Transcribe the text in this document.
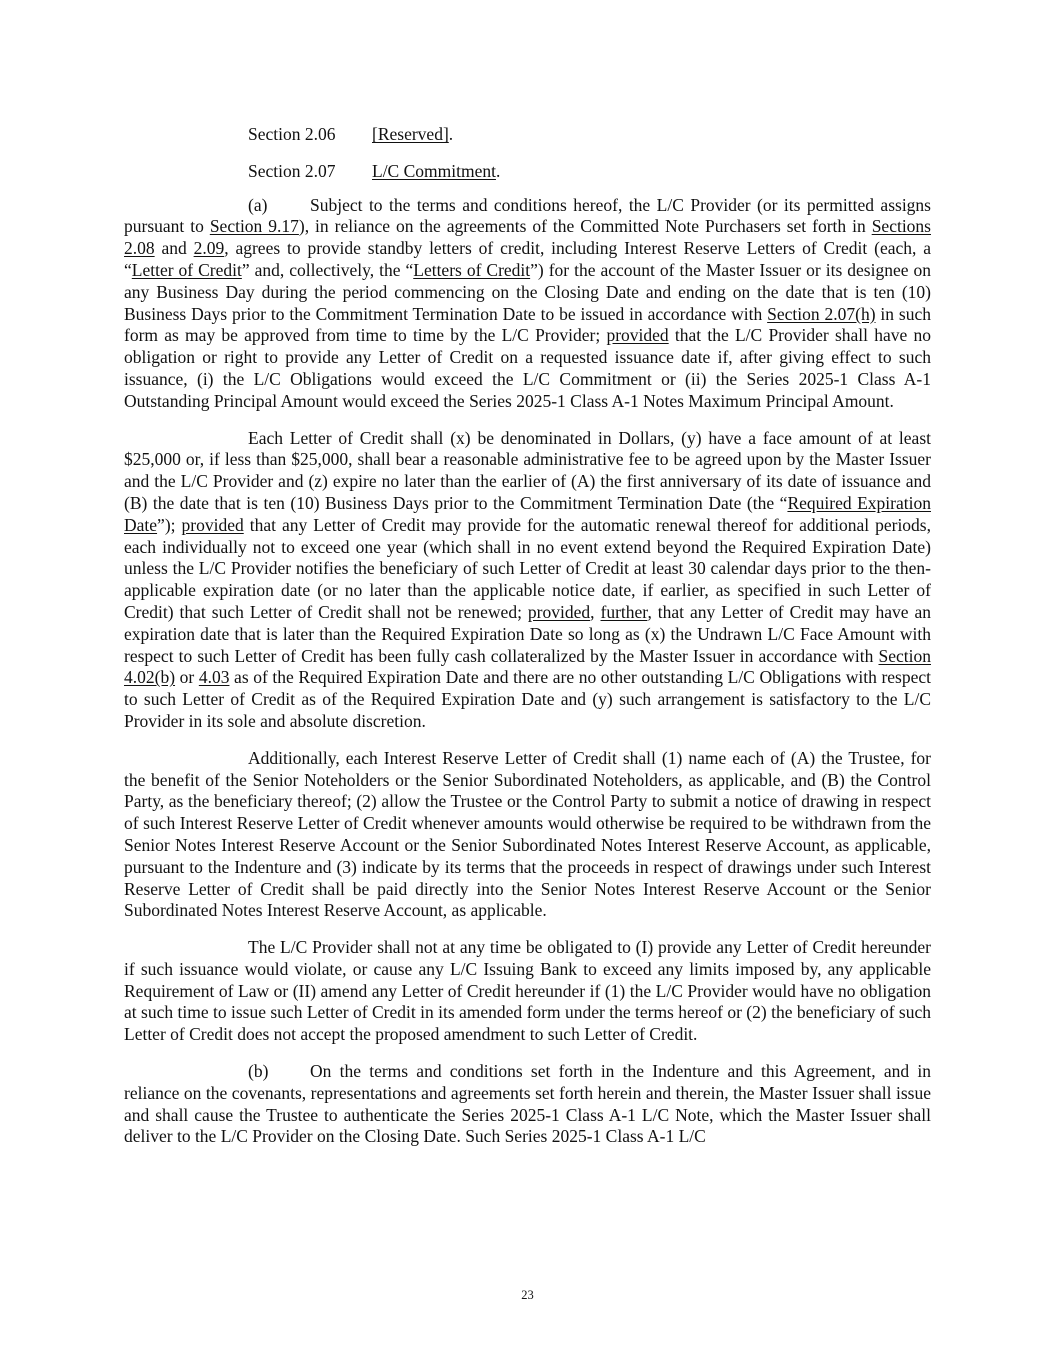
Section 2.06 [Reserved].
Section 2.07 L/C Commitment.

(a) Subject to the terms and conditions hereof, the L/C Provider (or its permitted assigns pursuant to Section 9.17), in reliance on the agreements of the Committed Note Purchasers set forth in Sections 2.08 and 2.09, agrees to provide standby letters of credit, including Interest Reserve Letters of Credit (each, a “Letter of Credit” and, collectively, the “Letters of Credit”) for the account of the Master Issuer or its designee on any Business Day during the period commencing on the Closing Date and ending on the date that is ten (10) Business Days prior to the Commitment Termination Date to be issued in accordance with Section 2.07(h) in such form as may be approved from time to time by the L/C Provider; provided that the L/C Provider shall have no obligation or right to provide any Letter of Credit on a requested issuance date if, after giving effect to such issuance, (i) the L/C Obligations would exceed the L/C Commitment or (ii) the Series 2025-1 Class A-1 Outstanding Principal Amount would exceed the Series 2025-1 Class A-1 Notes Maximum Principal Amount.

Each Letter of Credit shall (x) be denominated in Dollars, (y) have a face amount of at least $25,000 or, if less than $25,000, shall bear a reasonable administrative fee to be agreed upon by the Master Issuer and the L/C Provider and (z) expire no later than the earlier of (A) the first anniversary of its date of issuance and (B) the date that is ten (10) Business Days prior to the Commitment Termination Date (the “Required Expiration Date”); provided that any Letter of Credit may provide for the automatic renewal thereof for additional periods, each individually not to exceed one year (which shall in no event extend beyond the Required Expiration Date) unless the L/C Provider notifies the beneficiary of such Letter of Credit at least 30 calendar days prior to the then-applicable expiration date (or no later than the applicable notice date, if earlier, as specified in such Letter of Credit) that such Letter of Credit shall not be renewed; provided, further, that any Letter of Credit may have an expiration date that is later than the Required Expiration Date so long as (x) the Undrawn L/C Face Amount with respect to such Letter of Credit has been fully cash collateralized by the Master Issuer in accordance with Section 4.02(b) or 4.03 as of the Required Expiration Date and there are no other outstanding L/C Obligations with respect to such Letter of Credit as of the Required Expiration Date and (y) such arrangement is satisfactory to the L/C Provider in its sole and absolute discretion.

Additionally, each Interest Reserve Letter of Credit shall (1) name each of (A) the Trustee, for the benefit of the Senior Noteholders or the Senior Subordinated Noteholders, as applicable, and (B) the Control Party, as the beneficiary thereof; (2) allow the Trustee or the Control Party to submit a notice of drawing in respect of such Interest Reserve Letter of Credit whenever amounts would otherwise be required to be withdrawn from the Senior Notes Interest Reserve Account or the Senior Subordinated Notes Interest Reserve Account, as applicable, pursuant to the Indenture and (3) indicate by its terms that the proceeds in respect of drawings under such Interest Reserve Letter of Credit shall be paid directly into the Senior Notes Interest Reserve Account or the Senior Subordinated Notes Interest Reserve Account, as applicable.

The L/C Provider shall not at any time be obligated to (I) provide any Letter of Credit hereunder if such issuance would violate, or cause any L/C Issuing Bank to exceed any limits imposed by, any applicable Requirement of Law or (II) amend any Letter of Credit hereunder if (1) the L/C Provider would have no obligation at such time to issue such Letter of Credit in its amended form under the terms hereof or (2) the beneficiary of such Letter of Credit does not accept the proposed amendment to such Letter of Credit.

(b) On the terms and conditions set forth in the Indenture and this Agreement, and in reliance on the covenants, representations and agreements set forth herein and therein, the Master Issuer shall issue and shall cause the Trustee to authenticate the Series 2025-1 Class A-1 L/C Note, which the Master Issuer shall deliver to the L/C Provider on the Closing Date. Such Series 2025-1 Class A-1 L/C

23
